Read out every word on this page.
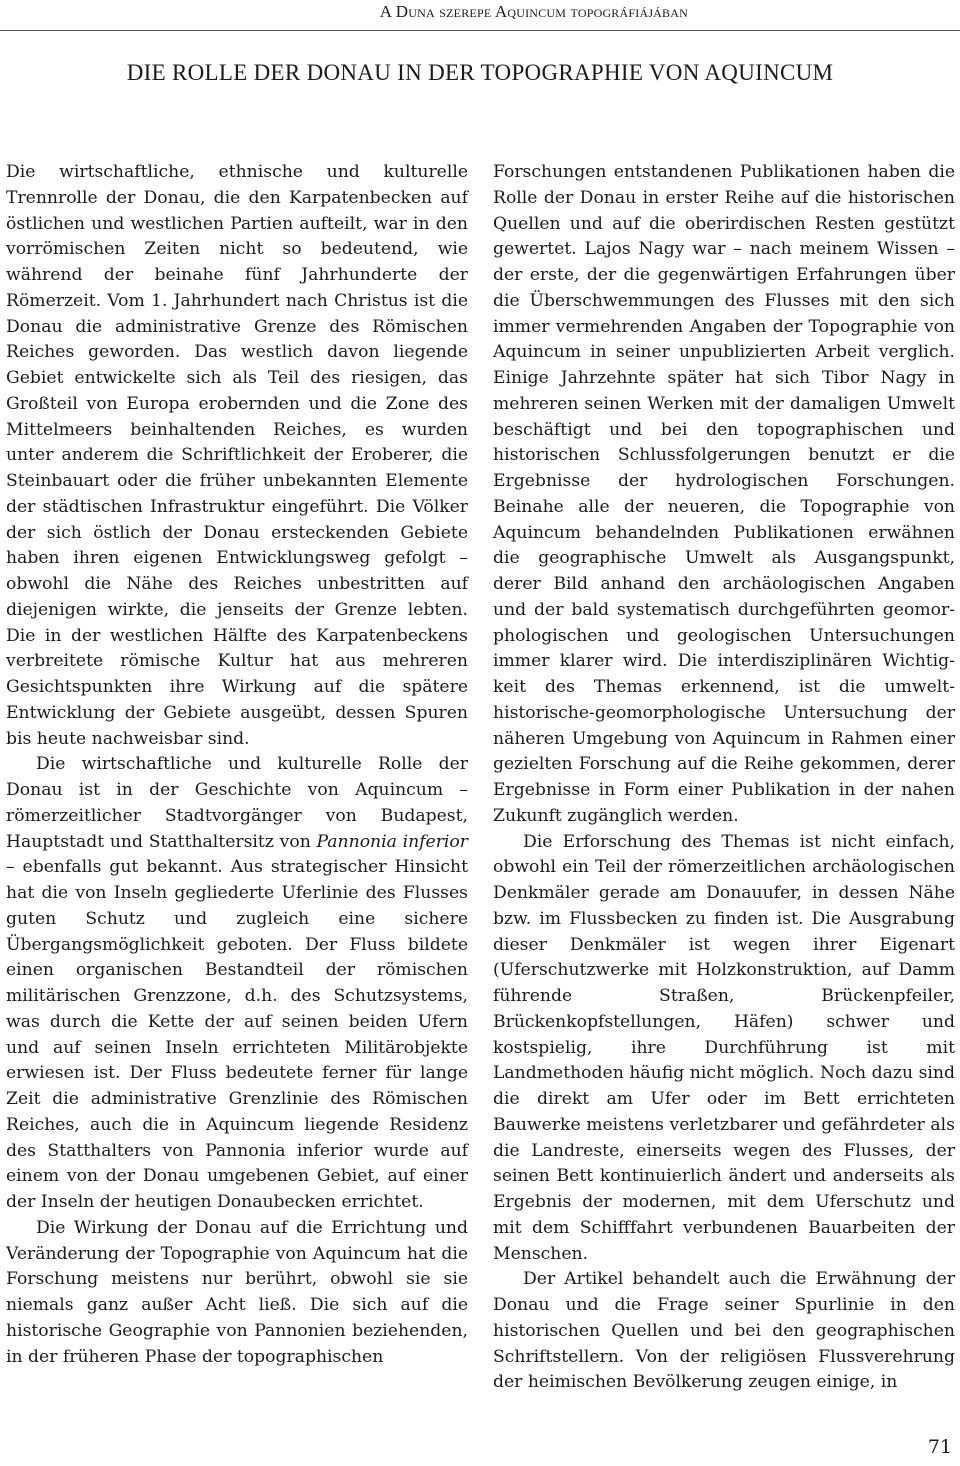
A Duna szerepe Aquincum topográfiájában
DIE ROLLE DER DONAU IN DER TOPOGRAPHIE VON AQUINCUM

Die wirtschaftliche, ethnische und kulturelle Trennrolle der Donau, die den Karpatenbecken auf östlichen und westlichen Partien aufteilt, war in den vorrömischen Zeiten nicht so bedeutend, wie während der beinahe fünf Jahrhunderte der Römerzeit. Vom 1. Jahrhundert nach Christus ist die Donau die administrative Grenze des Römischen Reiches geworden. Das westlich davon liegende Gebiet entwickelte sich als Teil des riesigen, das Großteil von Europa erobernden und die Zone des Mittelmeers beinhaltenden Reiches, es wurden unter anderem die Schriftlichkeit der Eroberer, die Steinbauart oder die früher unbekannten Elemente der städtischen Infrastruktur eingeführt. Die Völker der sich östlich der Donau ersteckenden Gebiete haben ihren eigenen Entwicklungsweg gefolgt – obwohl die Nähe des Reiches unbestritten auf diejenigen wirkte, die jenseits der Grenze lebten. Die in der westlichen Hälfte des Karpatenbeckens verbreitete römische Kultur hat aus mehreren Gesichtspunkten ihre Wirkung auf die spätere Entwicklung der Gebiete ausgeübt, dessen Spuren bis heute nachweisbar sind.

Die wirtschaftliche und kulturelle Rolle der Donau ist in der Geschichte von Aquincum – römerzeitlicher Stadtvorgänger von Budapest, Hauptstadt und Statthaltersitz von Pannonia inferior – ebenfalls gut bekannt. Aus strategischer Hinsicht hat die von Inseln gegliederte Uferlinie des Flusses guten Schutz und zugleich eine sichere Übergangsmöglichkeit geboten. Der Fluss bildete einen organischen Bestandteil der römischen militärischen Grenzzone, d.h. des Schutzsystems, was durch die Kette der auf seinen beiden Ufern und auf seinen Inseln errichteten Militärobjekte erwiesen ist. Der Fluss bedeutete ferner für lange Zeit die administrative Grenzlinie des Römischen Reiches, auch die in Aquincum liegende Residenz des Statthalters von Pannonia inferior wurde auf einem von der Donau umgebenen Gebiet, auf einer der Inseln der heutigen Donaubecken errichtet.

Die Wirkung der Donau auf die Errichtung und Veränderung der Topographie von Aquincum hat die Forschung meistens nur berührt, obwohl sie sie niemals ganz außer Acht ließ. Die sich auf die historische Geographie von Pannonien beziehenden, in der früheren Phase der topographischen

Forschungen entstandenen Publikationen haben die Rolle der Donau in erster Reihe auf die historischen Quellen und auf die oberirdischen Resten gestützt gewertet. Lajos Nagy war – nach meinem Wissen – der erste, der die gegenwärtigen Erfahrungen über die Überschwemmungen des Flusses mit den sich immer vermehrenden Angaben der Topographie von Aquincum in seiner unpublizierten Arbeit verglich. Einige Jahrzehnte später hat sich Tibor Nagy in mehreren seinen Werken mit der damaligen Umwelt beschäftigt und bei den topographischen und historischen Schlussfolgerungen benutzt er die Ergebnisse der hydrologischen Forschungen. Beinahe alle der neueren, die Topographie von Aquincum behandelnden Publikationen erwähnen die geographische Umwelt als Ausgangspunkt, derer Bild anhand den archäologischen Angaben und der bald systematisch durchgeführten geomorphologischen und geologischen Untersuchungen immer klarer wird. Die interdisziplinären Wichtigkeit des Themas erkennend, ist die umwelthistorische-geomorphologische Untersuchung der näheren Umgebung von Aquincum in Rahmen einer gezielten Forschung auf die Reihe gekommen, derer Ergebnisse in Form einer Publikation in der nahen Zukunft zugänglich werden.

Die Erforschung des Themas ist nicht einfach, obwohl ein Teil der römerzeitlichen archäologischen Denkmäler gerade am Donauufer, in dessen Nähe bzw. im Flussbecken zu finden ist. Die Ausgrabung dieser Denkmäler ist wegen ihrer Eigenart (Uferschutzwerke mit Holzkonstruktion, auf Damm führende Straßen, Brückenpfeiler, Brückenkopfstellungen, Häfen) schwer und kostspielig, ihre Durchführung ist mit Landmethoden häufig nicht möglich. Noch dazu sind die direkt am Ufer oder im Bett errichteten Bauwerke meistens verletzbarer und gefährdeter als die Landreste, einerseits wegen des Flusses, der seinen Bett kontinuierlich ändert und anderseits als Ergebnis der modernen, mit dem Uferschutz und mit dem Schifffahrt verbundenen Bauarbeiten der Menschen.

Der Artikel behandelt auch die Erwähnung der Donau und die Frage seiner Spurlinie in den historischen Quellen und bei den geographischen Schriftstellern. Von der religiösen Flussverehrung der heimischen Bevölkerung zeugen einige, in

71
